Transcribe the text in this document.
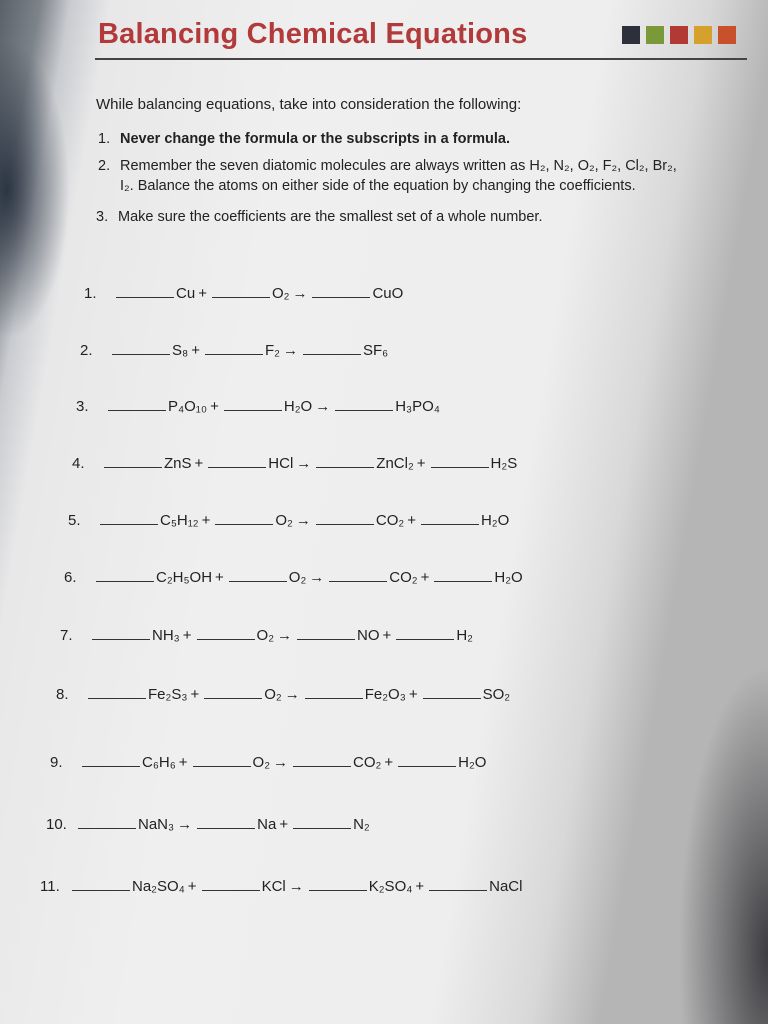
Balancing Chemical Equations
While balancing equations, take into consideration the following:
1. Never change the formula or the subscripts in a formula.
2. Remember the seven diatomic molecules are always written as H₂, N₂, O₂, F₂, Cl₂, Br₂,
I₂. Balance the atoms on either side of the equation by changing the coefficients.
3. Make sure the coefficients are the smallest set of a whole number.
1.	Cu +	O₂ →	CuO
2.	S₈ +	F₂ →	SF₆
3.	P₄O₁₀ +	H₂O →	H₃PO₄
4.	ZnS +	HCl →	ZnCl₂ +	H₂S
5.	C₅H₁₂ +	O₂ →	CO₂ +	H₂O
6.	C₂H₅OH +	O₂ →	CO₂ +	H₂O
7.	NH₃ +	O₂ →	NO +	H₂
8.	Fe₂S₃ +	O₂ →	Fe₂O₃ +	SO₂
9.	C₆H₆ +	O₂ →	CO₂ +	H₂O
10.	NaN₃ →	Na +	N₂
11.	Na₂SO₄ +	KCl →	K₂SO₄ +	NaCl
